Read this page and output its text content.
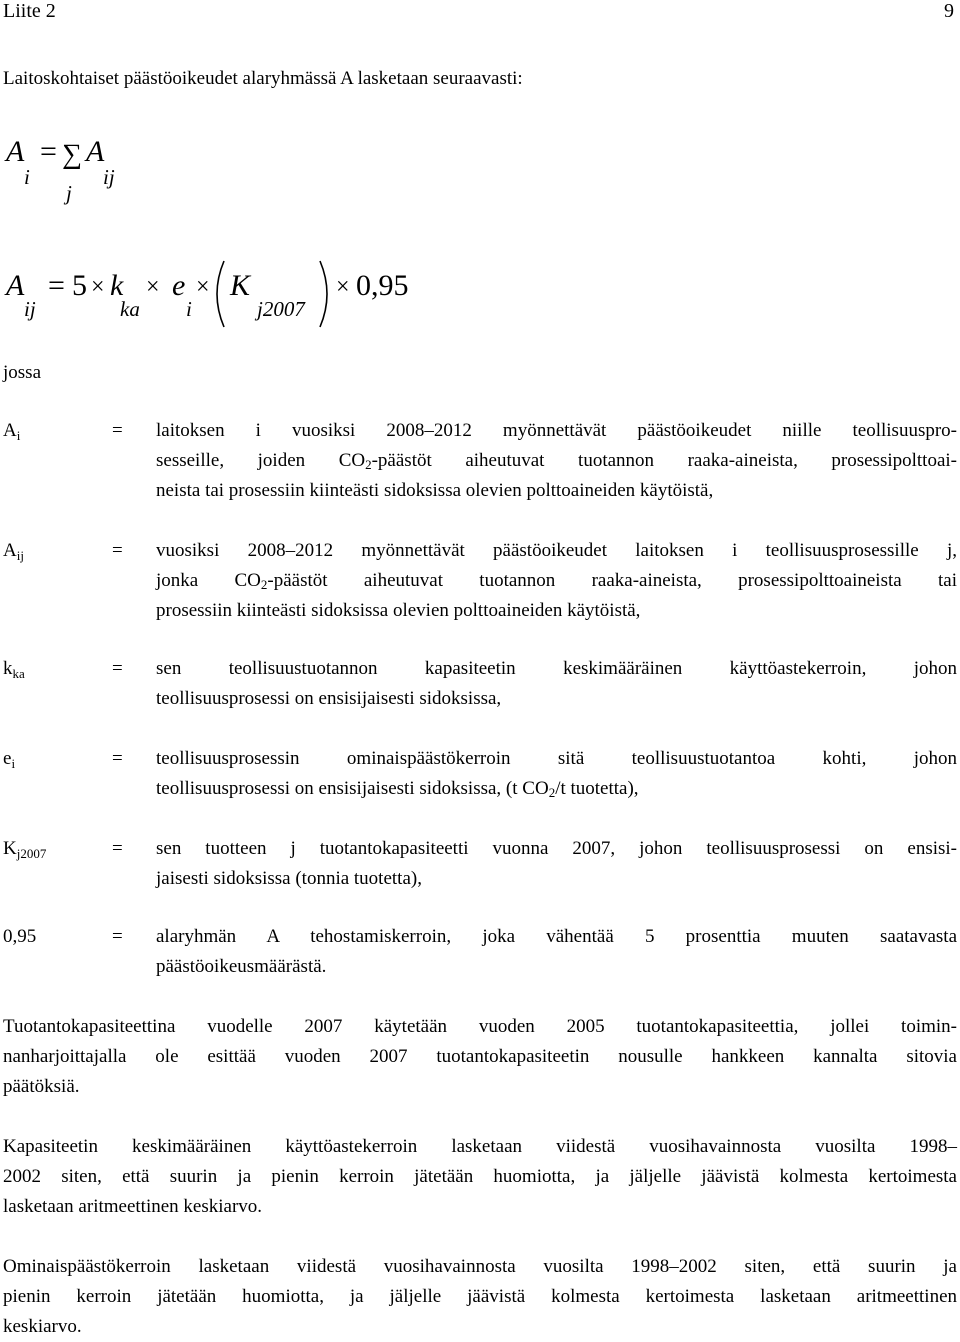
Liite 2	9
Laitoskohtaiset päästöoikeudet alaryhmässä A lasketaan seuraavasti:
A
i
= ∑ A
ij
j
A
ij
= 5 × k
ka
× e
i
× K
j2007
× 0,95
jossa
$A_i$	= laitoksen i vuosiksi 2008–2012 myönnettävät päästöoikeudet niille teollisuuspro-
sesseille, joiden $CO_2$-päästöt aiheutuvat tuotannon raaka-aineista, prosessipolttoai-
neista tai prosessiin kiinteästi sidoksissa olevien polttoaineiden käytöistä,
$A_{ij}$	= vuosiksi 2008–2012 myönnettävät päästöoikeudet laitoksen i teollisuusprosessille j,
jonka $CO_2$-päästöt aiheutuvat tuotannon raaka-aineista, prosessipolttoaineista tai
prosessiin kiinteästi sidoksissa olevien polttoaineiden käytöistä,
$k_{ka}$	= sen teollisuustuotannon kapasiteetin keskimääräinen käyttöastekerroin, johon
teollisuusprosessi on ensisijaisesti sidoksissa,
$e_i$	= teollisuusprosessin ominaispäästökerroin sitä teollisuustuotantoa kohti, johon
teollisuusprosessi on ensisijaisesti sidoksissa, (t $CO_2/t$ tuotetta),
$K_{j2007}$	= sen tuotteen j tuotantokapasiteetti vuonna 2007, johon teollisuusprosessi on ensisi-
jaisesti sidoksissa (tonnia tuotetta),
0,95	= alaryhmän A tehostamiskerroin, joka vähentää 5 prosenttia muuten saatavasta
päästöoikeusmäärästä.
Tuotantokapasiteettina vuodelle 2007 käytetään vuoden 2005 tuotantokapasiteettia, jollei toimin-
nanharjoittajalla ole esittää vuoden 2007 tuotantokapasiteetin nousulle hankkeen kannalta sitovia
päätöksiä.
Kapasiteetin keskimääräinen käyttöastekerroin lasketaan viidestä vuosihavainnosta vuosilta 1998–
2002 siten, että suurin ja pienin kerroin jätetään huomiotta, ja jäljelle jäävistä kolmesta kertoimesta
lasketaan aritmeettinen keskiarvo.
Ominaispäästökerroin lasketaan viidestä vuosihavainnosta vuosilta 1998–2002 siten, että suurin ja
pienin kerroin jätetään huomiotta, ja jäljelle jäävistä kolmesta kertoimesta lasketaan aritmeettinen
keskiarvo.
